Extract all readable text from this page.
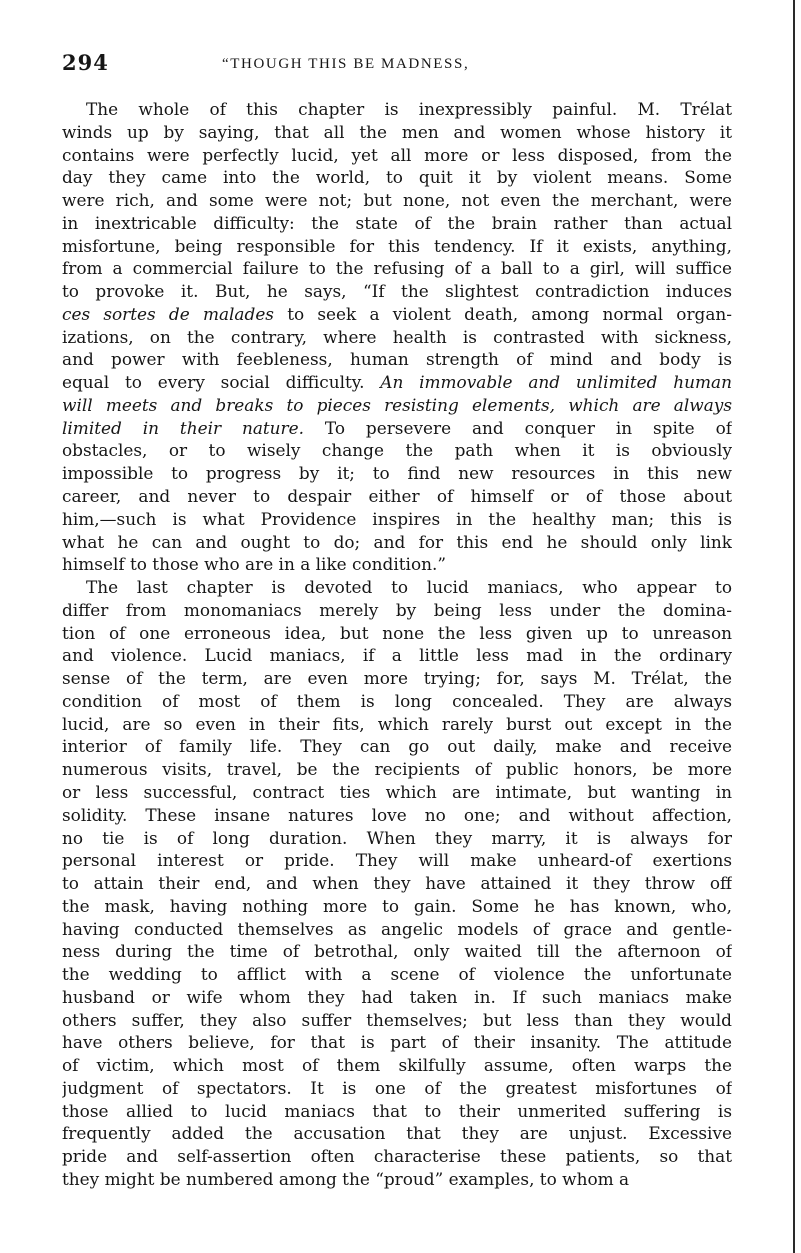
294	“THOUGH THIS BE MADNESS,

The whole of this chapter is inexpressibly painful. M. Trélat
winds up by saying, that all the men and women whose history it
contains were perfectly lucid, yet all more or less disposed, from the
day they came into the world, to quit it by violent means. Some
were rich, and some were not; but none, not even the merchant, were
in inextricable difficulty: the state of the brain rather than actual
misfortune, being responsible for this tendency. If it exists, anything,
from a commercial failure to the refusing of a ball to a girl, will suffice
to provoke it. But, he says, “If the slightest contradiction induces
ces sortes de malades to seek a violent death, among normal organ-
izations, on the contrary, where health is contrasted with sickness,
and power with feebleness, human strength of mind and body is
equal to every social difficulty. An immovable and unlimited human
will meets and breaks to pieces resisting elements, which are always
limited in their nature. To persevere and conquer in spite of
obstacles, or to wisely change the path when it is obviously
impossible to progress by it; to find new resources in this new
career, and never to despair either of himself or of those about
him,—such is what Providence inspires in the healthy man; this is
what he can and ought to do; and for this end he should only link
himself to those who are in a like condition.”

The last chapter is devoted to lucid maniacs, who appear to
differ from monomaniacs merely by being less under the domina-
tion of one erroneous idea, but none the less given up to unreason
and violence. Lucid maniacs, if a little less mad in the ordinary
sense of the term, are even more trying; for, says M. Trélat, the
condition of most of them is long concealed. They are always
lucid, are so even in their fits, which rarely burst out except in the
interior of family life. They can go out daily, make and receive
numerous visits, travel, be the recipients of public honors, be more
or less successful, contract ties which are intimate, but wanting in
solidity. These insane natures love no one; and without affection,
no tie is of long duration. When they marry, it is always for
personal interest or pride. They will make unheard-of exertions
to attain their end, and when they have attained it they throw off
the mask, having nothing more to gain. Some he has known, who,
having conducted themselves as angelic models of grace and gentle-
ness during the time of betrothal, only waited till the afternoon of
the wedding to afflict with a scene of violence the unfortunate
husband or wife whom they had taken in. If such maniacs make
others suffer, they also suffer themselves; but less than they would
have others believe, for that is part of their insanity. The attitude
of victim, which most of them skilfully assume, often warps the
judgment of spectators. It is one of the greatest misfortunes of
those allied to lucid maniacs that to their unmerited suffering is
frequently added the accusation that they are unjust. Excessive
pride and self-assertion often characterise these patients, so that
they might be numbered among the “proud” examples, to whom a
